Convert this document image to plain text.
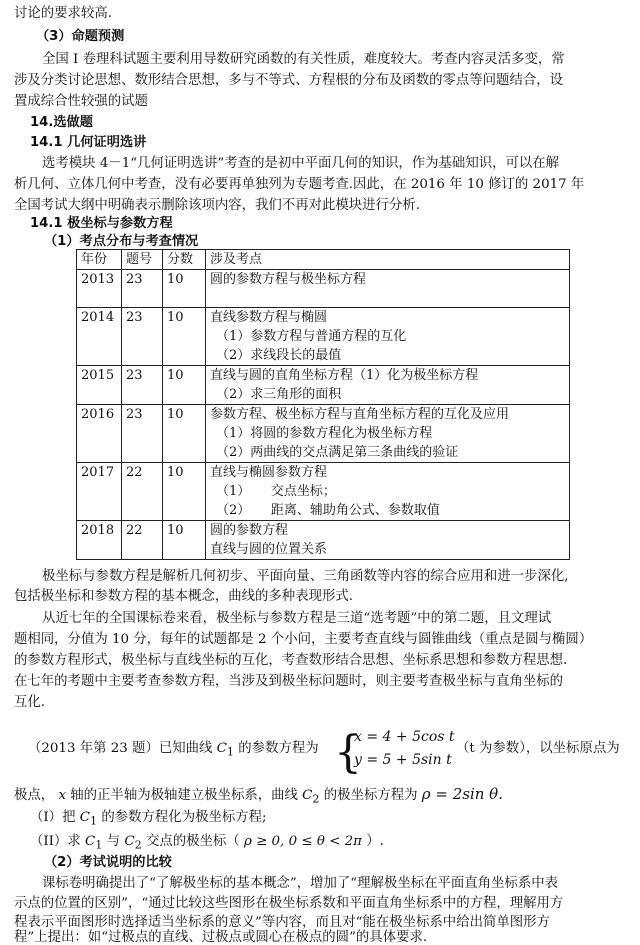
讨论的要求较高.
（3）命题预测
全国 I 卷理科试题主要利用导数研究函数的有关性质，难度较大。考查内容灵活多变，常
涉及分类讨论思想、数形结合思想，多与不等式、方程根的分布及函数的零点等问题结合，设
置成综合性较强的试题
14.选做题
14.1 几何证明选讲
选考模块 4－1“几何证明选讲”考查的是初中平面几何的知识，作为基础知识，可以在解
析几何、立体几何中考查，没有必要再单独列为专题考查.因此，在 2016 年 10 修订的 2017 年
全国考试大纲中明确表示删除该项内容，我们不再对此模块进行分析.
14.1 极坐标与参数方程
（1）考点分布与考查情况
年份	题号	分数	涉及考点
2013	23	10	圆的参数方程与极坐标方程

2014	23	10	直线参数方程与椭圆
（1）参数方程与普通方程的互化
（2）求线段长的最值

2015	23	10	直线与圆的直角坐标方程（1）化为极坐标方程
（2）求三角形的面积

2016	23	10	参数方程、极坐标方程与直角坐标方程的互化及应用
（1）将圆的参数方程化为极坐标方程
（2）两曲线的交点满足第三条曲线的验证

2017	22	10	直线与椭圆参数方程
（1）     交点坐标；
（2）     距离、辅助角公式、参数取值

2018	22	10	圆的参数方程
直线与圆的位置关系
极坐标与参数方程是解析几何初步、平面向量、三角函数等内容的综合应用和进一步深化,
包括极坐标和参数方程的基本概念，曲线的多种表现形式.
从近七年的全国课标卷来看，极坐标与参数方程是三道“选考题”中的第二题，且文理试
题相同，分值为 10 分，每年的试题都是 2 个小问，主要考查直线与圆锥曲线（重点是圆与椭圆）
的参数方程形式，极坐标与直线坐标的互化，考查数形结合思想、坐标系思想和参数方程思想.
在七年的考题中主要考查参数方程，当涉及到极坐标问题时，则主要考查极坐标与直角坐标的
互化.
（2013 年第 23 题）已知曲线 $C_1$ 的参数方程为 {
x = 4 + 5cos t
y = 5 + 5sin t
（t 为参数），以坐标原点为
极点， x 轴的正半轴为极轴建立极坐标系，曲线 $C_2$ 的极坐标方程为 ρ = 2sin θ.
（I）把 $C_1$ 的参数方程化为极坐标方程;
（II）求 $C_1$ 与 $C_2$ 交点的极坐标（ ρ ≥ 0, 0 ≤ θ < 2π ）.
（2）考试说明的比较
课标卷明确提出了“了解极坐标的基本概念”，增加了“理解极坐标在平面直角坐标系中表
示点的位置的区别”，“通过比较这些图形在极坐标系数和平面直角坐标系中的方程，理解用方
程表示平面图形时选择适当坐标系的意义”等内容，而且对“能在极坐标系中给出简单图形方
程”上提出：如“过极点的直线、过极点或圆心在极点的圆”的具体要求.
